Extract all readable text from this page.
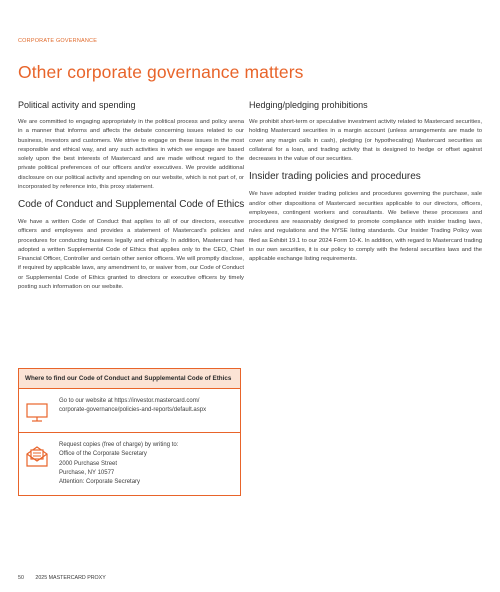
CORPORATE GOVERNANCE
Other corporate governance matters
Political activity and spending

We are committed to engaging appropriately in the political process and policy arena in a manner that informs and affects the debate concerning issues related to our business, investors and customers. We strive to engage on these issues in the most responsible and ethical way, and any such activities in which we engage are based solely upon the best interests of Mastercard and are made without regard to the private political preferences of our officers and/or executives. We provide additional disclosure on our political activity and spending on our website, which is not part of, or incorporated by reference into, this proxy statement.

Code of Conduct and Supplemental Code of Ethics

We have a written Code of Conduct that applies to all of our directors, executive officers and employees and provides a statement of Mastercard's policies and procedures for conducting business legally and ethically. In addition, Mastercard has adopted a written Supplemental Code of Ethics that applies only to the CEO, Chief Financial Officer, Controller and certain other senior officers. We will promptly disclose, if required by applicable laws, any amendment to, or waiver from, our Code of Conduct or Supplemental Code of Ethics granted to directors or executive officers by timely posting such information on our website.

Where to find our Code of Conduct and Supplemental Code of Ethics
Go to our website at https://investor.mastercard.com/
corporate-governance/policies-and-reports/default.aspx
Request copies (free of charge) by writing to:
Office of the Corporate Secretary
2000 Purchase Street
Purchase, NY 10577
Attention: Corporate Secretary
Hedging/pledging prohibitions

We prohibit short-term or speculative investment activity related to Mastercard securities, holding Mastercard securities in a margin account (unless arrangements are made to cover any margin calls in cash), pledging (or hypothecating) Mastercard securities as collateral for a loan, and trading activity that is designed to hedge or offset against decreases in the value of our securities.

Insider trading policies and procedures

We have adopted insider trading policies and procedures governing the purchase, sale and/or other dispositions of Mastercard securities applicable to our directors, officers, employees, contingent workers and consultants. We believe these processes and procedures are reasonably designed to promote compliance with insider trading laws, rules and regulations and the NYSE listing standards. Our Insider Trading Policy was filed as Exhibit 19.1 to our 2024 Form 10-K. In addition, with regard to Mastercard trading in our own securities, it is our policy to comply with the federal securities laws and the applicable exchange listing requirements.

50 2025 MASTERCARD PROXY
